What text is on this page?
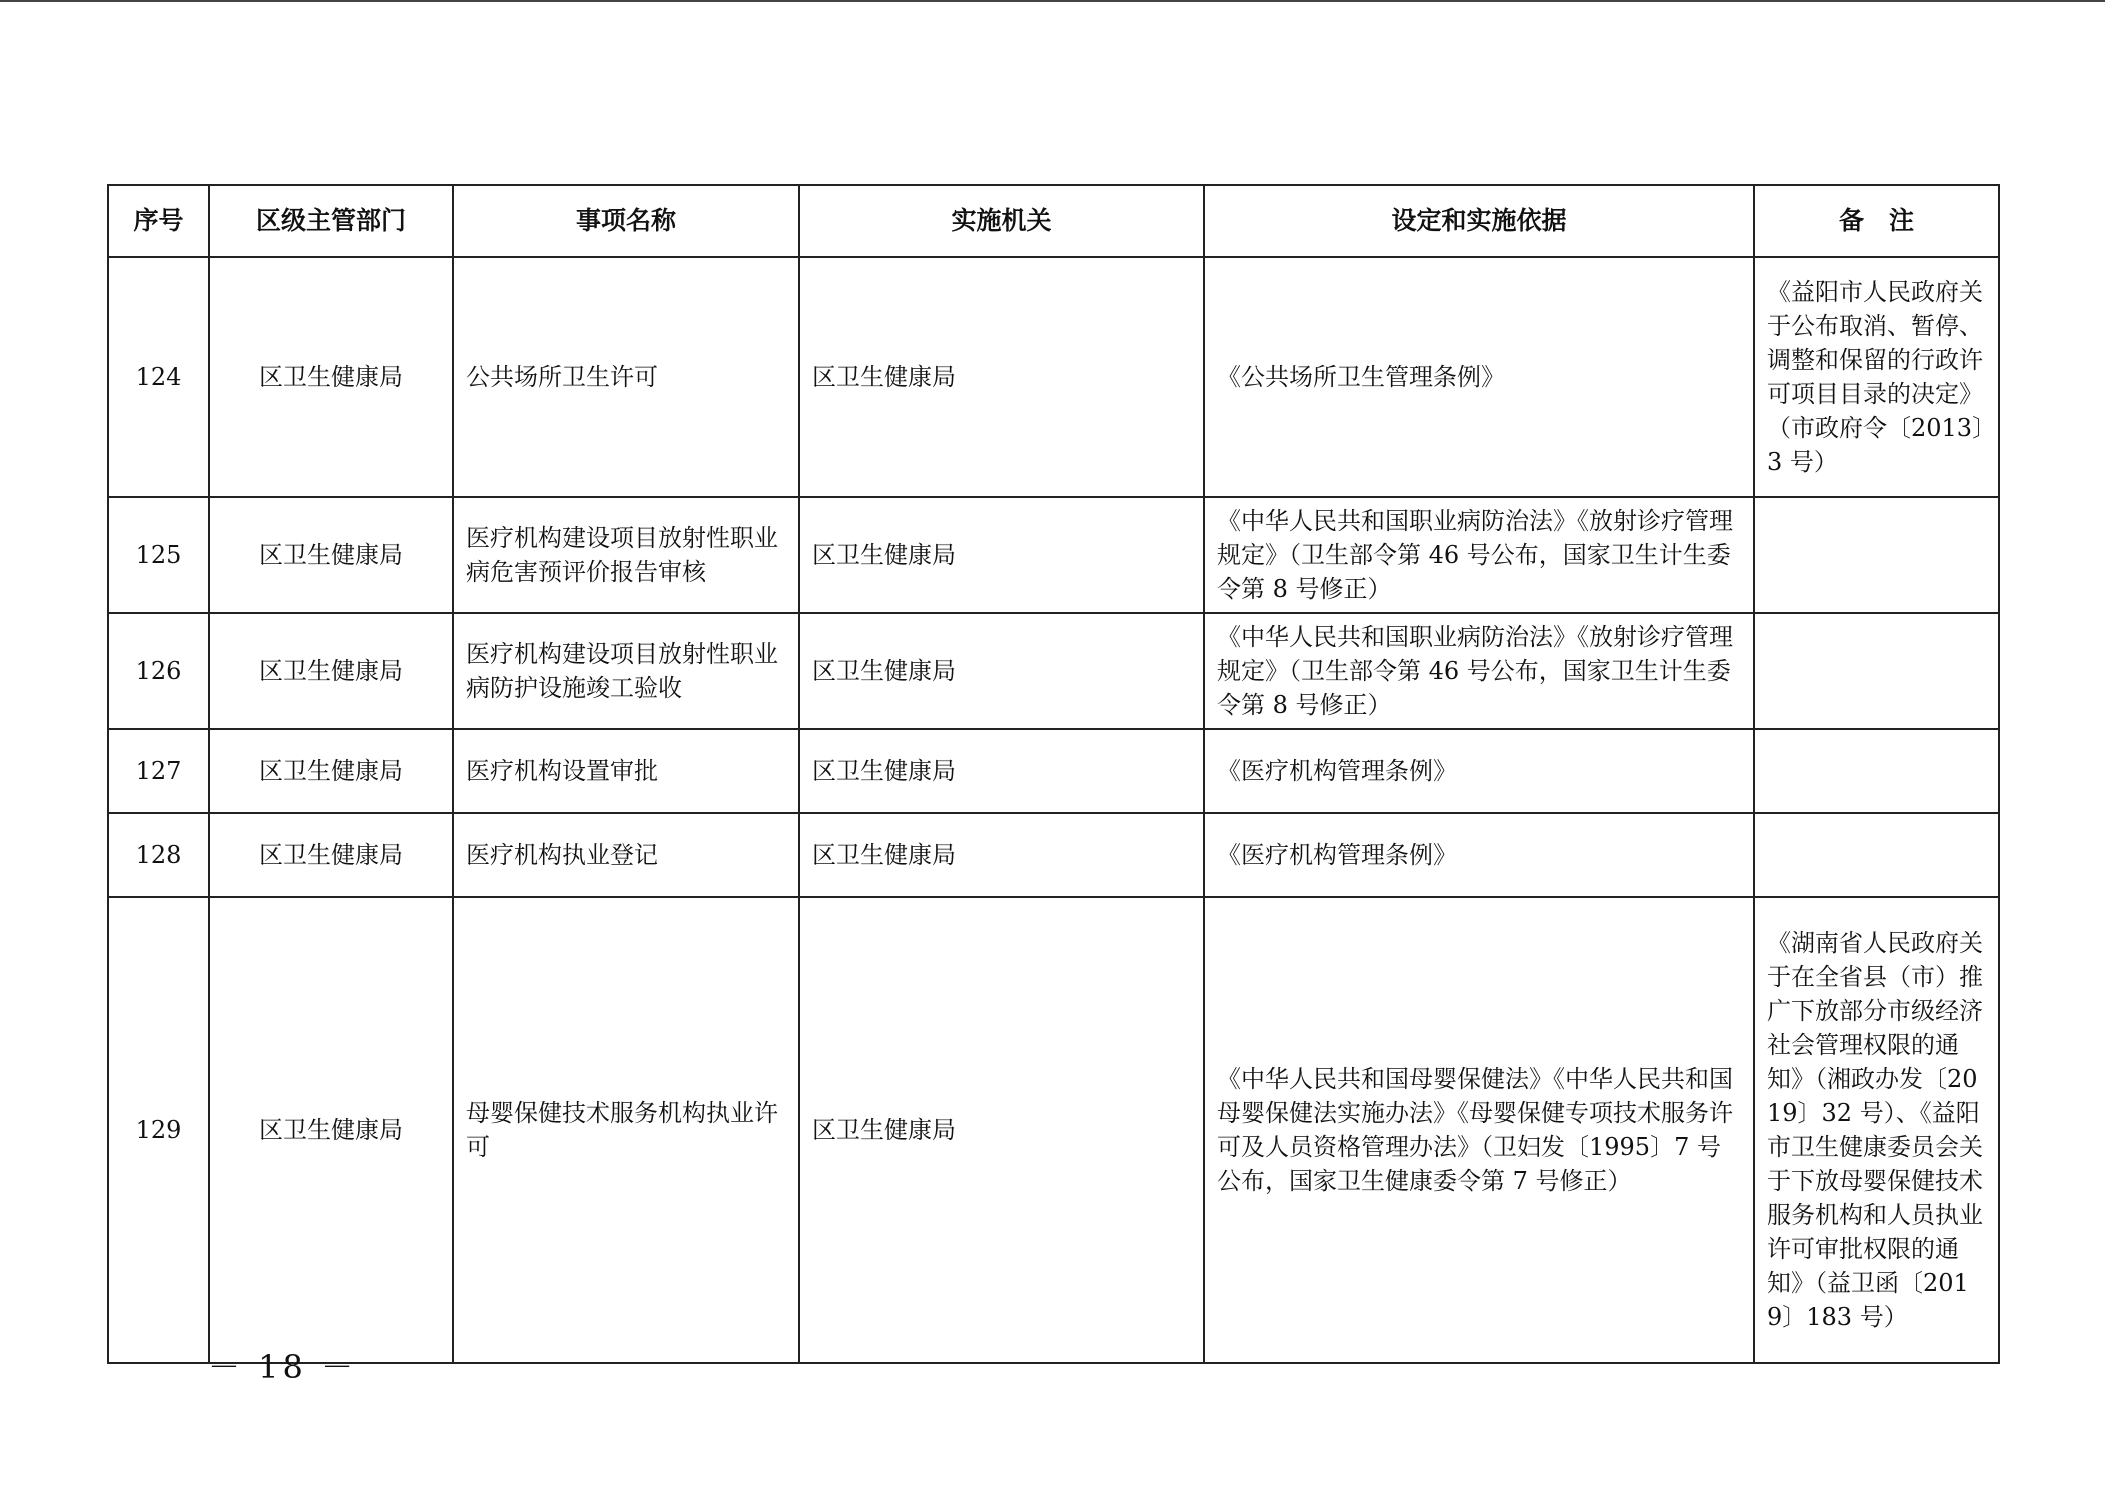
序号	区级主管部门	事项名称	实施机关	设定和实施依据	备　注
124	区卫生健康局	公共场所卫生许可	区卫生健康局	《公共场所卫生管理条例》	《益阳市人民政府关于公布取消、暂停、调整和保留的行政许可项目目录的决定》（市政府令〔2013〕3 号）
125	区卫生健康局	医疗机构建设项目放射性职业病危害预评价报告审核	区卫生健康局	《中华人民共和国职业病防治法》《放射诊疗管理规定》（卫生部令第 46 号公布，国家卫生计生委令第 8 号修正）	
126	区卫生健康局	医疗机构建设项目放射性职业病防护设施竣工验收	区卫生健康局	《中华人民共和国职业病防治法》《放射诊疗管理规定》（卫生部令第 46 号公布，国家卫生计生委令第 8 号修正）	
127	区卫生健康局	医疗机构设置审批	区卫生健康局	《医疗机构管理条例》	
128	区卫生健康局	医疗机构执业登记	区卫生健康局	《医疗机构管理条例》	
129	区卫生健康局	母婴保健技术服务机构执业许可	区卫生健康局	《中华人民共和国母婴保健法》《中华人民共和国母婴保健法实施办法》《母婴保健专项技术服务许可及人员资格管理办法》（卫妇发〔1995〕7 号公布，国家卫生健康委令第 7 号修正）	《湖南省人民政府关于在全省县（市）推广下放部分市级经济社会管理权限的通知》（湘政办发〔2019〕32 号）、《益阳市卫生健康委员会关于下放母婴保健技术服务机构和人员执业许可审批权限的通知》（益卫函〔2019〕183 号）
－ 18 －
